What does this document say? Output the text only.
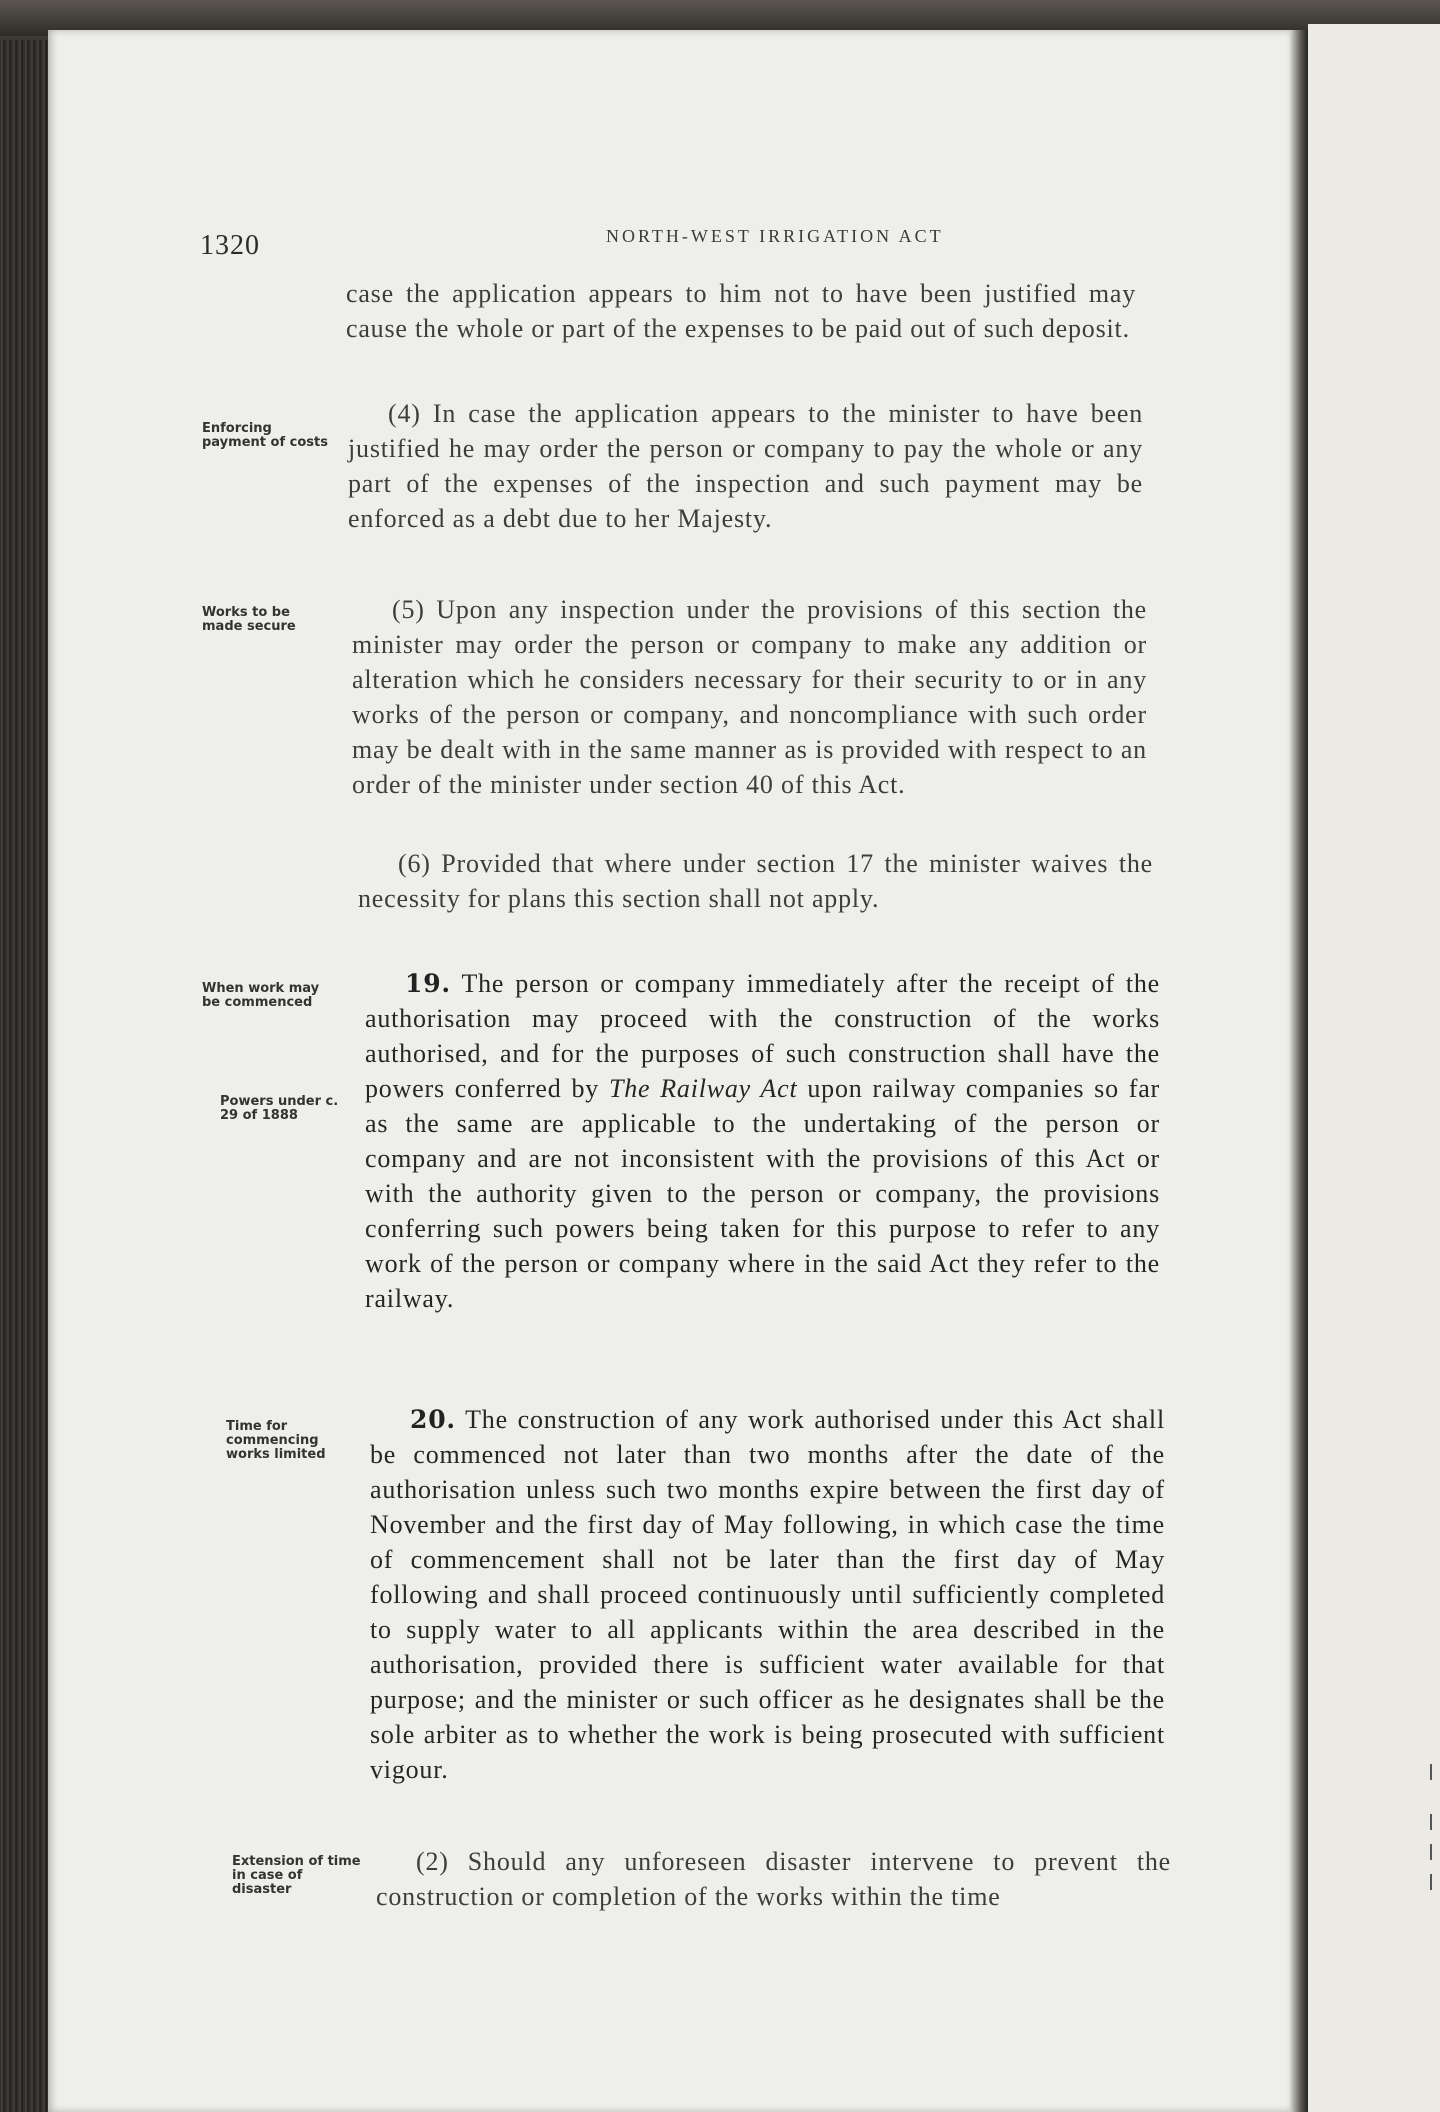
1320	NORTH-WEST IRRIGATION ACT

case the application appears to him not to have been justified may cause the whole or part of the expenses to be paid out of such deposit.

Enforcing payment of costs

(4) In case the application appears to the minister to have been justified he may order the person or company to pay the whole or any part of the expenses of the inspection and such payment may be enforced as a debt due to her Majesty.

Works to be made secure

(5) Upon any inspection under the provisions of this section the minister may order the person or company to make any addition or alteration which he considers necessary for their security to or in any works of the person or company, and noncompliance with such order may be dealt with in the same manner as is provided with respect to an order of the minister under section 40 of this Act.

(6) Provided that where under section 17 the minister waives the necessity for plans this section shall not apply.

When work may be commenced
Powers under c. 29 of 1888

19. The person or company immediately after the receipt of the authorisation may proceed with the construction of the works authorised, and for the purposes of such construction shall have the powers conferred by The Railway Act upon railway companies so far as the same are applicable to the undertaking of the person or company and are not inconsistent with the provisions of this Act or with the authority given to the person or company, the provisions conferring such powers being taken for this purpose to refer to any work of the person or company where in the said Act they refer to the railway.

Time for commencing works limited

20. The construction of any work authorised under this Act shall be commenced not later than two months after the date of the authorisation unless such two months expire between the first day of November and the first day of May following, in which case the time of commencement shall not be later than the first day of May following and shall proceed continuously until sufficiently completed to supply water to all applicants within the area described in the authorisation, provided there is sufficient water available for that purpose; and the minister or such officer as he designates shall be the sole arbiter as to whether the work is being prosecuted with sufficient vigour.

Extension of time in case of disaster

(2) Should any unforeseen disaster intervene to prevent the construction or completion of the works within the time
